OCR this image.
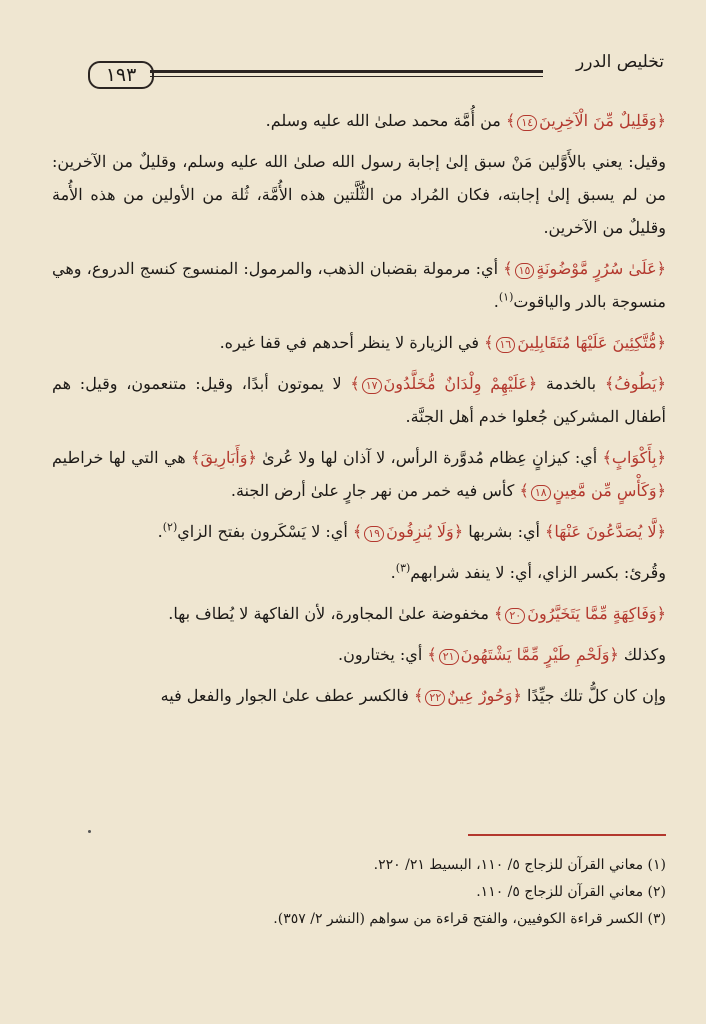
تخليص الدرر
١٩٣

﴿وَقَلِيلٌ مِّنَ الْآخِرِينَ١٤﴾ من أُمَّة محمد صلىٰ الله عليه وسلم.

وقيل: يعني بالأَوَّلين مَنْ سبق إلىٰ إجابة رسول الله صلىٰ الله عليه وسلم، وقليلٌ من الآخرين: من لم يسبق إلىٰ إجابته، فكان المُراد من الثُّلَّتين هذه الأُمَّة، ثُلة من الأولين من هذه الأُمة وقليلٌ من الآخرين.

﴿عَلَىٰ سُرُرٍ مَّوْضُونَةٍ١٥﴾ أي: مرمولة بقضبان الذهب، والمرمول: المنسوج كنسج الدروع، وهي منسوجة بالدر والياقوت$^{(١)}$.

﴿مُّتَّكِئِينَ عَلَيْهَا مُتَقَابِلِينَ١٦﴾ في الزيارة لا ينظر أحدهم في قفا غيره.

﴿يَطُوفُ﴾ بالخدمة ﴿عَلَيْهِمْ وِلْدَانٌ مُّخَلَّدُونَ١٧﴾ لا يموتون أبدًا، وقيل: متنعمون، وقيل: هم أطفال المشركين جُعلوا خدم أهل الجنَّة.

﴿بِأَكْوَابٍ﴾ أي: كيزانٍ عِظام مُدوَّرة الرأس، لا آذان لها ولا عُرىٰ ﴿وَأَبَارِيقَ﴾ هي التي لها خراطيم ﴿وَكَأْسٍ مِّن مَّعِينٍ١٨﴾ كأس فيه خمر من نهر جارٍ علىٰ أرض الجنة.

﴿لَّا يُصَدَّعُونَ عَنْهَا﴾ أي: بشربها ﴿وَلَا يُنزِفُونَ١٩﴾ أي: لا يَسْكَرون بفتح الزاي$^{(٢)}$.

وقُرئ: بكسر الزاي، أي: لا ينفد شرابهم$^{(٣)}$.

﴿وَفَاكِهَةٍ مِّمَّا يَتَخَيَّرُونَ٢٠﴾ مخفوضة علىٰ المجاورة، لأن الفاكهة لا يُطاف بها.

وكذلك ﴿وَلَحْمِ طَيْرٍ مِّمَّا يَشْتَهُونَ٢١﴾ أي: يختارون.

وإن كان كلُّ تلك جيِّدًا ﴿وَحُورٌ عِينٌ٢٢﴾ فالكسر عطف علىٰ الجوار والفعل فيه

(١) معاني القرآن للزجاج ٥/ ١١٠، البسيط ٢١/ ٢٢٠.
(٢) معاني القرآن للزجاج ٥/ ١١٠.
(٣) الكسر قراءة الكوفيين، والفتح قراءة من سواهم (النشر ٢/ ٣٥٧).
